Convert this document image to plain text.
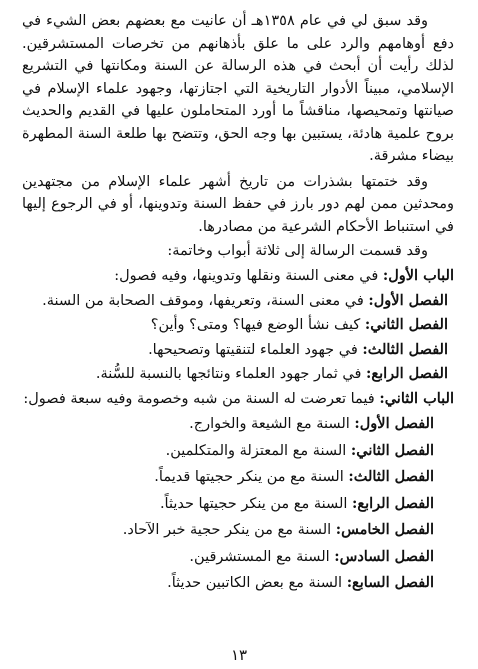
وقد سبق لي في عام ١٣٥٨هـ أن عانيت مع بعضهم بعض الشيء في دفع أوهامهم والرد على ما علق بأذهانهم من تخرصات المستشرقين. لذلك رأيت أن أبحث في هذه الرسالة عن السنة ومكانتها في التشريع الإسلامي، مبيناً الأدوار التاريخية التي اجتازتها، وجهود علماء الإسلام في صيانتها وتمحيصها، مناقشاً ما أورد المتحاملون عليها في القديم والحديث بروح علمية هادئة، يستبين بها وجه الحق، وتتضح بها طلعة السنة المطهرة بيضاء مشرقة.

وقد ختمتها بشذرات من تاريخ أشهر علماء الإسلام من مجتهدين ومحدثين ممن لهم دور بارز في حفظ السنة وتدوينها، أو في الرجوع إليها في استنباط الأحكام الشرعية من مصادرها.

وقد قسمت الرسالة إلى ثلاثة أبواب وخاتمة:

الباب الأول: في معنى السنة ونقلها وتدوينها، وفيه فصول:
الفصل الأول: في معنى السنة، وتعريفها، وموقف الصحابة من السنة.
الفصل الثاني: كيف نشأ الوضع فيها؟ ومتى؟ وأين؟
الفصل الثالث: في جهود العلماء لتنقيتها وتصحيحها.
الفصل الرابع: في ثمار جهود العلماء ونتائجها بالنسبة للسُّنة.
الباب الثاني: فيما تعرضت له السنة من شبه وخصومة وفيه سبعة فصول:
الفصل الأول: السنة مع الشيعة والخوارج.
الفصل الثاني: السنة مع المعتزلة والمتكلمين.
الفصل الثالث: السنة مع من ينكر حجيتها قديماً.
الفصل الرابع: السنة مع من ينكر حجيتها حديثاً.
الفصل الخامس: السنة مع من ينكر حجية خبر الآحاد.
الفصل السادس: السنة مع المستشرقين.
الفصل السابع: السنة مع بعض الكاتبين حديثاً.
١٣
